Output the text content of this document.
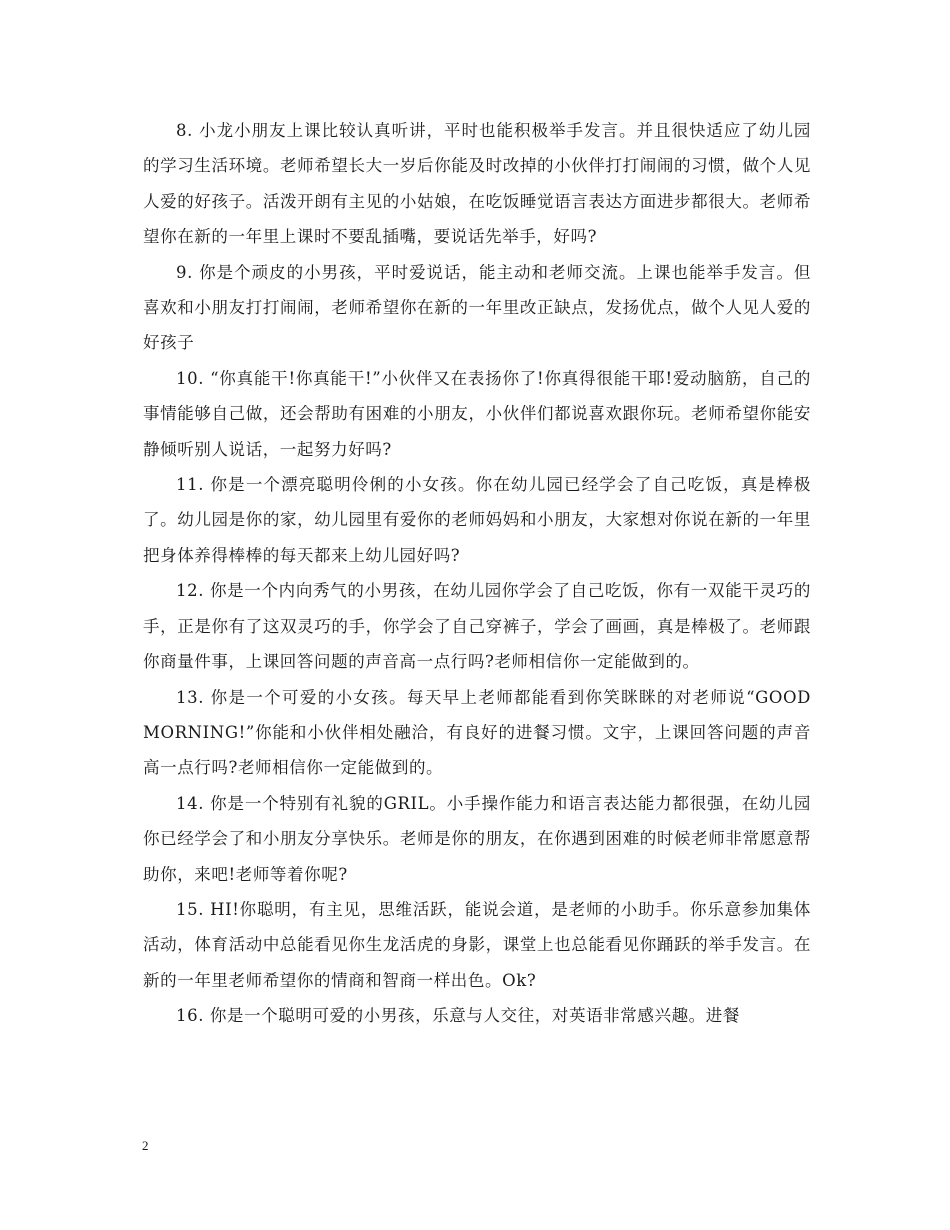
8. 小龙小朋友上课比较认真听讲，平时也能积极举手发言。并且很快适应了幼儿园的学习生活环境。老师希望长大一岁后你能及时改掉的小伙伴打打闹闹的习惯，做个人见人爱的好孩子。活泼开朗有主见的小姑娘，在吃饭睡觉语言表达方面进步都很大。老师希望你在新的一年里上课时不要乱插嘴，要说话先举手，好吗?

9. 你是个顽皮的小男孩，平时爱说话，能主动和老师交流。上课也能举手发言。但喜欢和小朋友打打闹闹，老师希望你在新的一年里改正缺点，发扬优点，做个人见人爱的好孩子

10. “你真能干!你真能干!”小伙伴又在表扬你了!你真得很能干耶!爱动脑筋，自己的事情能够自己做，还会帮助有困难的小朋友，小伙伴们都说喜欢跟你玩。老师希望你能安静倾听别人说话，一起努力好吗?

11. 你是一个漂亮聪明伶俐的小女孩。你在幼儿园已经学会了自己吃饭，真是棒极了。幼儿园是你的家，幼儿园里有爱你的老师妈妈和小朋友，大家想对你说在新的一年里把身体养得棒棒的每天都来上幼儿园好吗?

12. 你是一个内向秀气的小男孩，在幼儿园你学会了自己吃饭，你有一双能干灵巧的手，正是你有了这双灵巧的手，你学会了自己穿裤子，学会了画画，真是棒极了。老师跟你商量件事，上课回答问题的声音高一点行吗?老师相信你一定能做到的。

13. 你是一个可爱的小女孩。每天早上老师都能看到你笑眯眯的对老师说“GOOD MORNING!”你能和小伙伴相处融洽，有良好的进餐习惯。文宇，上课回答问题的声音高一点行吗?老师相信你一定能做到的。

14. 你是一个特别有礼貌的GRIL。小手操作能力和语言表达能力都很强，在幼儿园你已经学会了和小朋友分享快乐。老师是你的朋友，在你遇到困难的时候老师非常愿意帮助你，来吧!老师等着你呢?

15. HI!你聪明，有主见，思维活跃，能说会道，是老师的小助手。你乐意参加集体活动，体育活动中总能看见你生龙活虎的身影，课堂上也总能看见你踊跃的举手发言。在新的一年里老师希望你的情商和智商一样出色。Ok?

16. 你是一个聪明可爱的小男孩，乐意与人交往，对英语非常感兴趣。进餐

2
